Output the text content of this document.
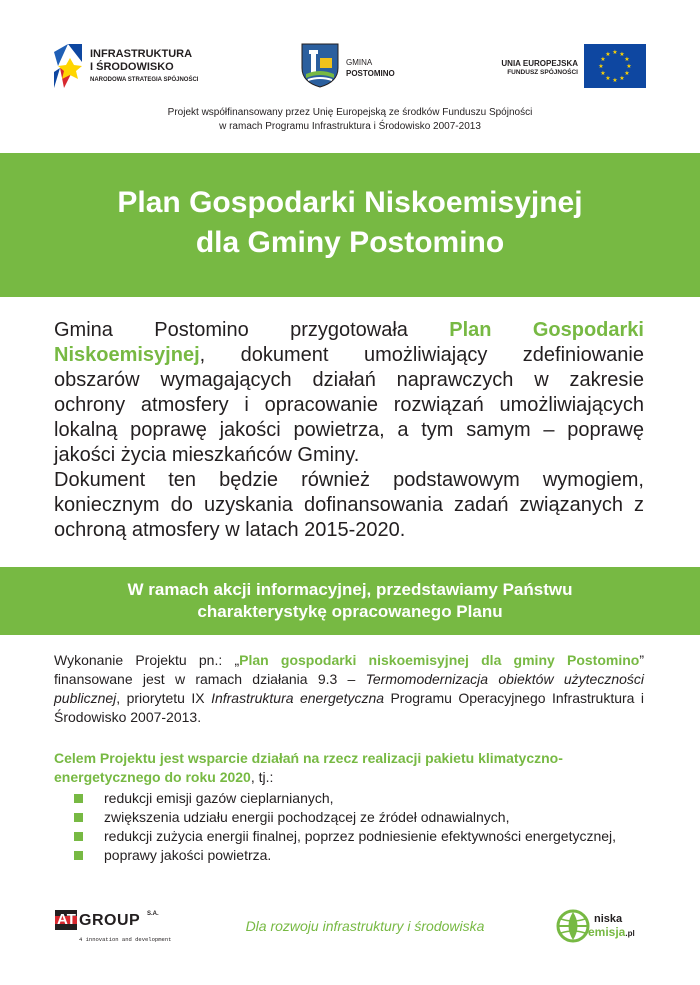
INFRASTRUKTURA
I ŚRODOWISKO
NARODOWA STRATEGIA SPÓJNOŚCI
GMINA
POSTOMINO
UNIA EUROPEJSKA
FUNDUSZ SPÓJNOŚCI
★ ★
★
★
★
★
★
★
★
★
★
★
Projekt współfinansowany przez Unię Europejską ze środków Funduszu Spójności
w ramach Programu Infrastruktura i Środowisko 2007-2013
Plan Gospodarki Niskoemisyjnej
dla Gminy Postomino

Gmina Postomino przygotowała Plan Gospodarki Niskoemisyjnej, dokument umożliwiający zdefiniowanie obszarów wymagających działań naprawczych w zakresie ochrony atmosfery i opracowanie rozwiązań umożliwiających lokalną poprawę jakości powietrza, a tym samym – poprawę jakości życia mieszkańców Gminy.

Dokument ten będzie również podstawowym wymogiem, koniecznym do uzyskania dofinansowania zadań związanych z ochroną atmosfery w latach 2015-2020.

W ramach akcji informacyjnej, przedstawiamy Państwu
charakterystykę opracowanego Planu

Wykonanie Projektu pn.: „Plan gospodarki niskoemisyjnej dla gminy Postomino” finansowane jest w ramach działania 9.3 – Termomodernizacja obiektów użyteczności publicznej, priorytetu IX Infrastruktura energetyczna Programu Operacyjnego Infrastruktura i Środowisko 2007-2013.

Celem Projektu jest wsparcie działań na rzecz realizacji pakietu klimatyczno-energetycznego do roku 2020, tj.:

redukcji emisji gazów cieplarnianych,
zwiększenia udziału energii pochodzącej ze źródeł odnawialnych,
redukcji zużycia energii finalnej, poprzez podniesienie efektywności energetycznej,
poprawy jakości powietrza.
AT GROUP S.A.
4 innovation and development
Dla rozwoju infrastruktury i środowiska	niska
emisja.pl
